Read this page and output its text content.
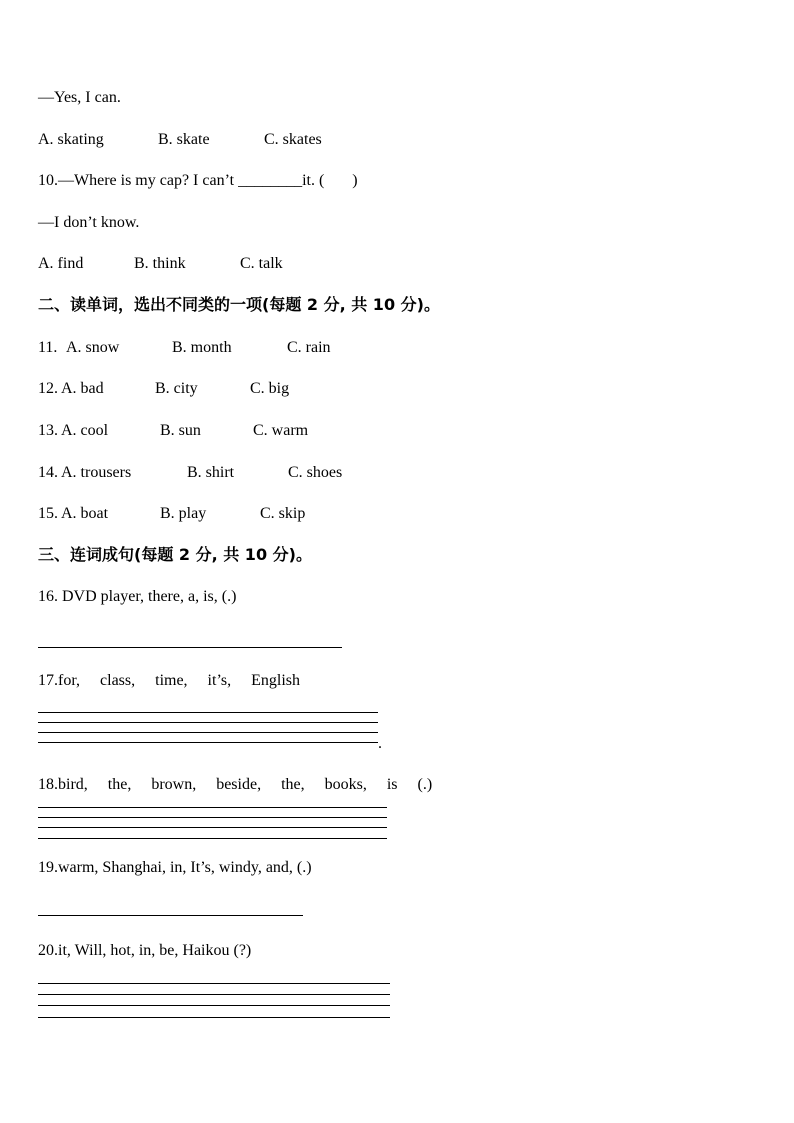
—Yes, I can.
A. skating	B. skate	C. skates
10.—Where is my cap? I can’t ________it. (       )
—I don’t know.
A. find	B. think	C. talk
二、读单词，选出不同类的一项(每题 2 分, 共 10 分)。
11. A. snow	B. month	C. rain
12. A. bad	B. city	C. big
13. A. cool	B. sun	C. warm
14. A. trousers	B. shirt	C. shoes
15. A. boat	B. play	C. skip
三、连词成句(每题 2 分, 共 10 分)。
16. DVD player, there, a, is, (.)
17.for,     class,     time,     it’s,     English
.
18.bird,     the,     brown,     beside,     the,     books,     is     (.)
19.warm, Shanghai, in, It’s, windy, and, (.)
20.it, Will, hot, in, be, Haikou (?)
